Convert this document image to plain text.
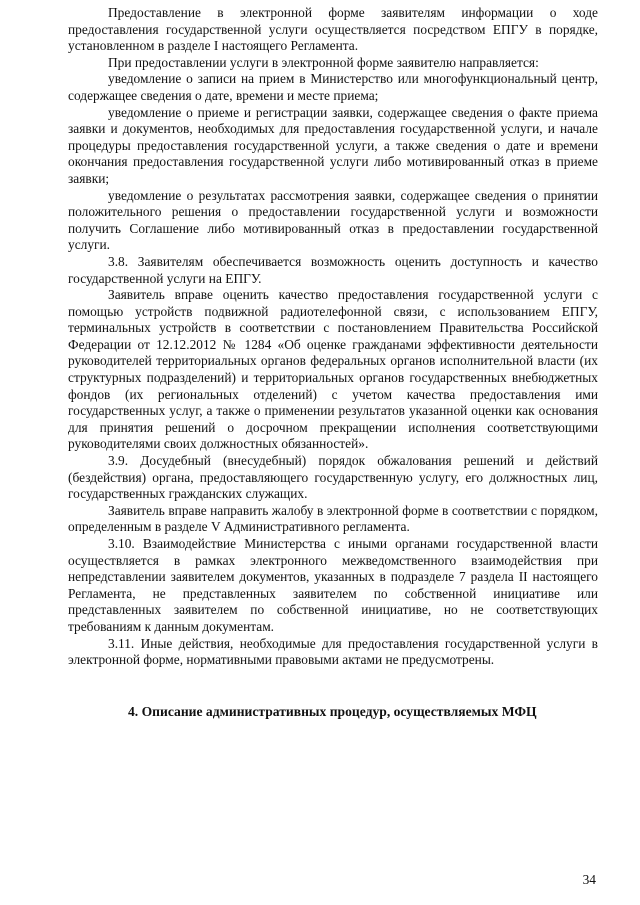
Предоставление в электронной форме заявителям информации о ходе предоставления государственной услуги осуществляется посредством ЕПГУ в порядке, установленном в разделе I настоящего Регламента.

При предоставлении услуги в электронной форме заявителю направляется:

уведомление о записи на прием в Министерство или многофункциональный центр, содержащее сведения о дате, времени и месте приема;

уведомление о приеме и регистрации заявки, содержащее сведения о факте приема заявки и документов, необходимых для предоставления государственной услуги, и начале процедуры предоставления государственной услуги, а также сведения о дате и времени окончания предоставления государственной услуги либо мотивированный отказ в приеме заявки;

уведомление о результатах рассмотрения заявки, содержащее сведения о принятии положительного решения о предоставлении государственной услуги и возможности получить Соглашение либо мотивированный отказ в предоставлении государственной услуги.

3.8. Заявителям обеспечивается возможность оценить доступность и качество государственной услуги на ЕПГУ.

Заявитель вправе оценить качество предоставления государственной услуги с помощью устройств подвижной радиотелефонной связи, с использованием ЕПГУ, терминальных устройств в соответствии с постановлением Правительства Российской Федерации от 12.12.2012 № 1284 «Об оценке гражданами эффективности деятельности руководителей территориальных органов федеральных органов исполнительной власти (их структурных подразделений) и территориальных органов государственных внебюджетных фондов (их региональных отделений) с учетом качества предоставления ими государственных услуг, а также о применении результатов указанной оценки как основания для принятия решений о досрочном прекращении исполнения соответствующими руководителями своих должностных обязанностей».

3.9. Досудебный (внесудебный) порядок обжалования решений и действий (бездействия) органа, предоставляющего государственную услугу, его должностных лиц, государственных гражданских служащих.

Заявитель вправе направить жалобу в электронной форме в соответствии с порядком, определенным в разделе V Административного регламента.

3.10. Взаимодействие Министерства с иными органами государственной власти осуществляется в рамках электронного межведомственного взаимодействия при непредставлении заявителем документов, указанных в подразделе 7 раздела II настоящего Регламента, не представленных заявителем по собственной инициативе или представленных заявителем по собственной инициативе, но не соответствующих требованиям к данным документам.

3.11. Иные действия, необходимые для предоставления государственной услуги в электронной форме, нормативными правовыми актами не предусмотрены.

4. Описание административных процедур, осуществляемых МФЦ

34
